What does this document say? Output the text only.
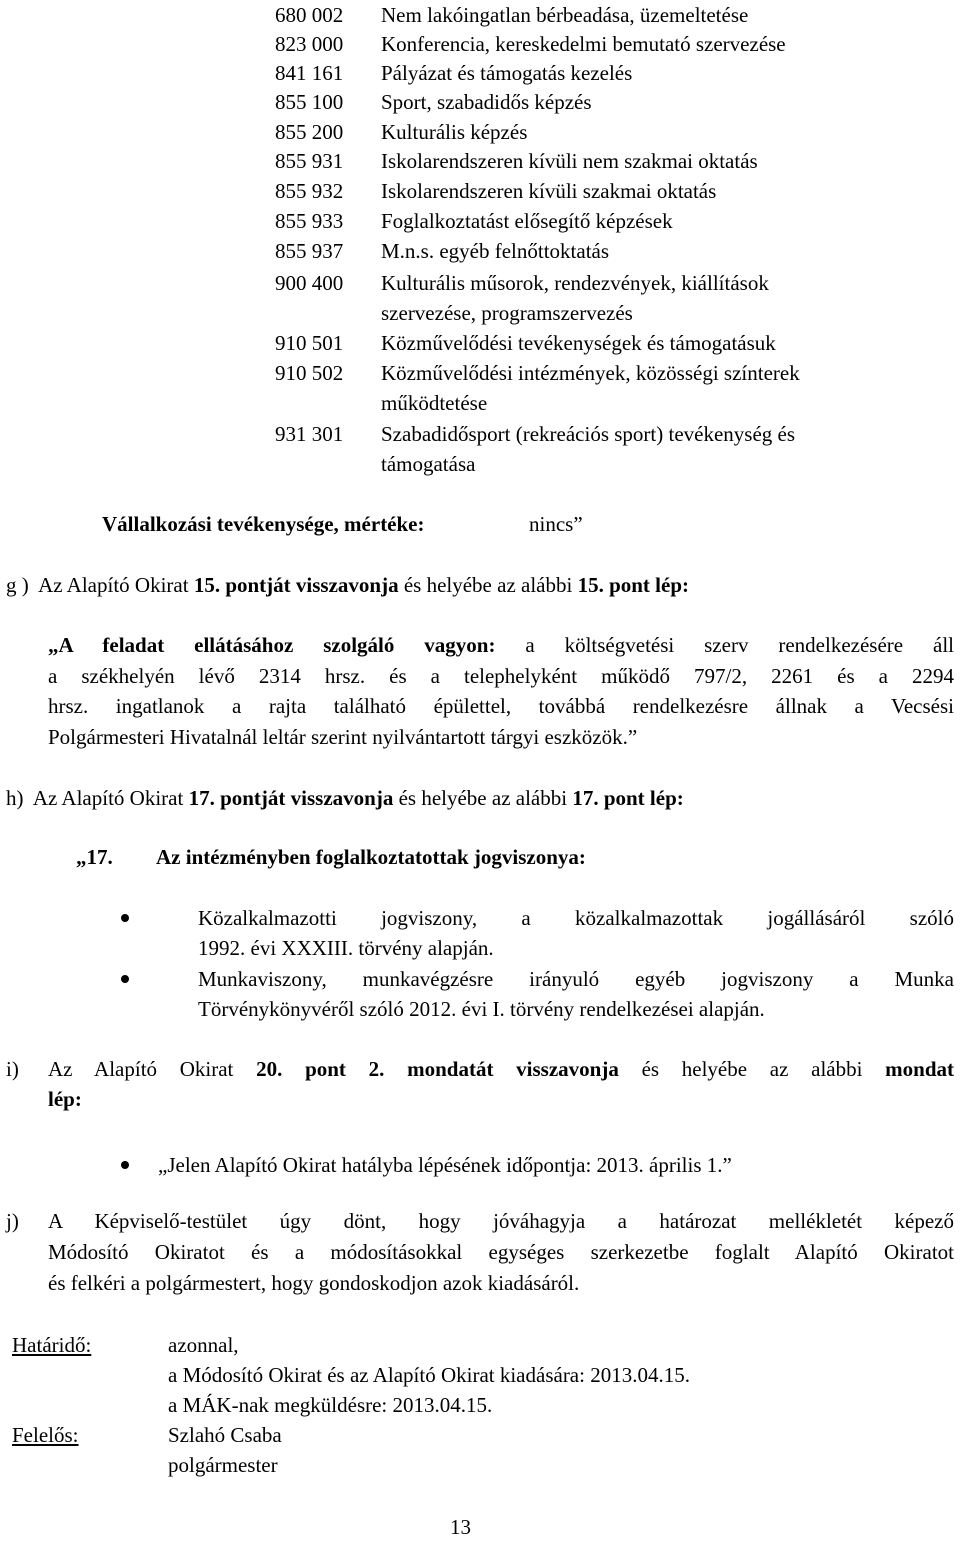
680 002 Nem lakóingatlan bérbeadása, üzemeltetése
823 000 Konferencia, kereskedelmi bemutató szervezése
841 161 Pályázat és támogatás kezelés
855 100 Sport, szabadidős képzés
855 200 Kulturális képzés
855 931 Iskolarendszeren kívüli nem szakmai oktatás
855 932 Iskolarendszeren kívüli szakmai oktatás
855 933 Foglalkoztatást elősegítő képzések
855 937 M.n.s. egyéb felnőttoktatás
900 400 Kulturális műsorok, rendezvények, kiállítások
szervezése, programszervezés
910 501 Közművelődési tevékenységek és támogatásuk
910 502 Közművelődési intézmények, közösségi színterek
működtetése
931 301 Szabadidősport (rekreációs sport) tevékenység és
támogatása
Vállalkozási tevékenysége, mértéke:	nincs”
g ) Az Alapító Okirat 15. pontját visszavonja és helyébe az alábbi 15. pont lép:
„A feladat ellátásához szolgáló vagyon: a költségvetési szerv rendelkezésére áll
a székhelyén lévő 2314 hrsz. és a telephelyként működő 797/2, 2261 és a 2294
hrsz. ingatlanok a rajta található épülettel, továbbá rendelkezésre állnak a Vecsési
Polgármesteri Hivatalnál leltár szerint nyilvántartott tárgyi eszközök.”
h) Az Alapító Okirat 17. pontját visszavonja és helyébe az alábbi 17. pont lép:
„17. Az intézményben foglalkoztatottak jogviszonya:
Közalkalmazotti jogviszony, a közalkalmazottak jogállásáról szóló
1992. évi XXXIII. törvény alapján.
Munkaviszony, munkavégzésre irányuló egyéb jogviszony a Munka
Törvénykönyvéről szóló 2012. évi I. törvény rendelkezései alapján.
i) Az Alapító Okirat 20. pont 2. mondatát visszavonja és helyébe az alábbi mondat
lép:
„Jelen Alapító Okirat hatályba lépésének időpontja: 2013. április 1.”
j) A Képviselő-testület úgy dönt, hogy jóváhagyja a határozat mellékletét képező
Módosító Okiratot és a módosításokkal egységes szerkezetbe foglalt Alapító Okiratot
és felkéri a polgármestert, hogy gondoskodjon azok kiadásáról.
Határidő:	azonnal,
a Módosító Okirat és az Alapító Okirat kiadására: 2013.04.15.
a MÁK-nak megküldésre: 2013.04.15.
Felelős:	Szlahó Csaba
polgármester
13
